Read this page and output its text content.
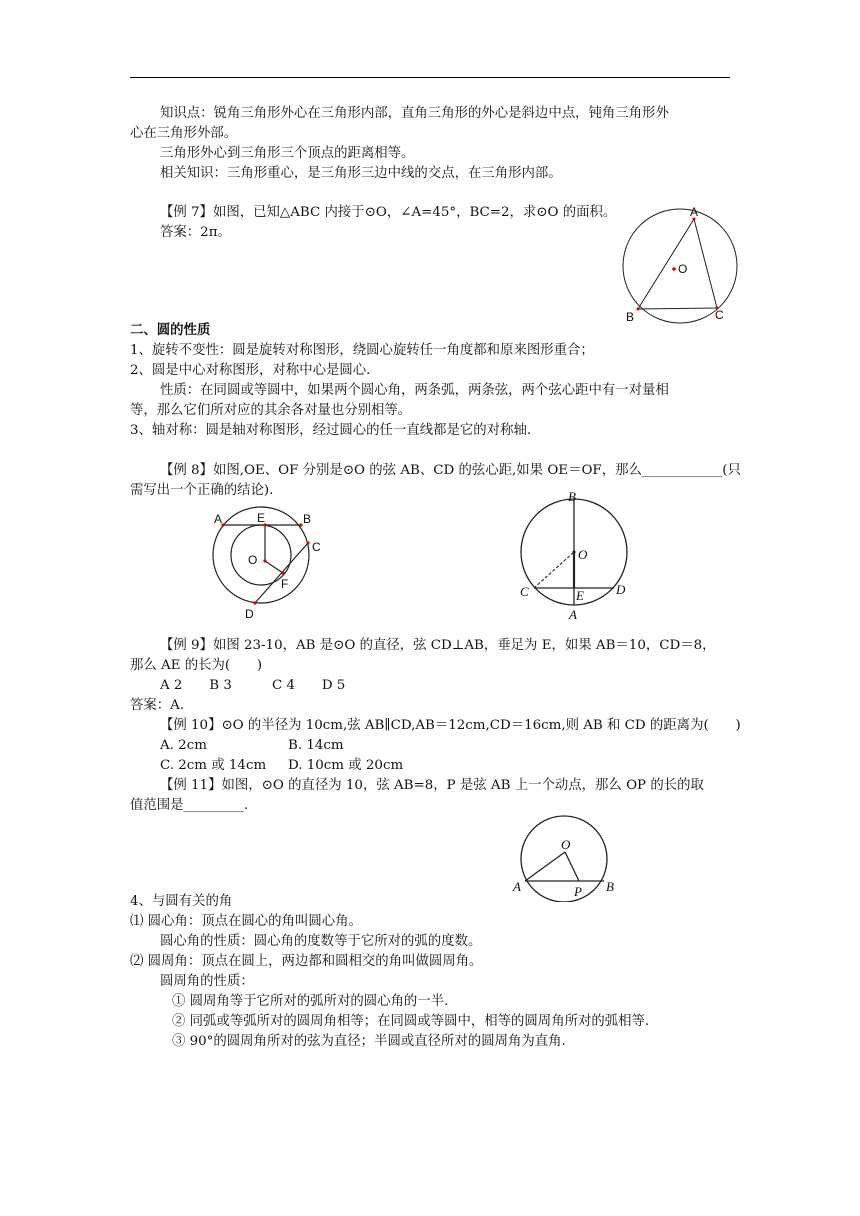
知识点：锐角三角形外心在三角形内部，直角三角形的外心是斜边中点，钝角三角形外
心在三角形外部。
三角形外心到三角形三个顶点的距离相等。
相关知识：三角形重心，是三角形三边中线的交点，在三角形内部。
【例 7】如图，已知△ABC 内接于⊙O，∠A=45°，BC=2，求⊙O 的面积。
答案：2π。
A
O
B	C
二、圆的性质
1、旋转不变性：圆是旋转对称图形，绕圆心旋转任一角度都和原来图形重合；
2、圆是中心对称图形，对称中心是圆心.
性质：在同圆或等圆中，如果两个圆心角，两条弧，两条弦，两个弦心距中有一对量相
等，那么它们所对应的其余各对量也分别相等。
3、轴对称：圆是轴对称图形，经过圆心的任一直线都是它的对称轴.
【例 8】如图,OE、OF 分别是⊙O 的弦 AB、CD 的弦心距,如果 OE＝OF，那么____________(只
需写出一个正确的结论).
A	E	B
O
C
F
D
B
O
C	E D
A
【例 9】如图 23-10，AB 是⊙O 的直径，弦 CD⊥AB，垂足为 E，如果 AB＝10，CD＝8，
那么 AE 的长为(　　)
A 2　　B 3　　　C 4　　D 5
答案：A.
【例 10】⊙O 的半径为 10cm,弦 AB∥CD,AB＝12cm,CD＝16cm,则 AB 和 CD 的距离为(　　)
A. 2cm	B. 14cm
C. 2cm 或 14cm D. 10cm 或 20cm
【例 11】如图，⊙O 的直径为 10，弦 AB=8，P 是弦 AB 上一个动点，那么 OP 的长的取
值范围是_________.
O
A	P B
4、与圆有关的角
⑴ 圆心角：顶点在圆心的角叫圆心角。
圆心角的性质：圆心角的度数等于它所对的弧的度数。
⑵ 圆周角：顶点在圆上，两边都和圆相交的角叫做圆周角。
圆周角的性质：
① 圆周角等于它所对的弧所对的圆心角的一半.
② 同弧或等弧所对的圆周角相等；在同圆或等圆中，相等的圆周角所对的弧相等.
③ 90°的圆周角所对的弦为直径；半圆或直径所对的圆周角为直角.
